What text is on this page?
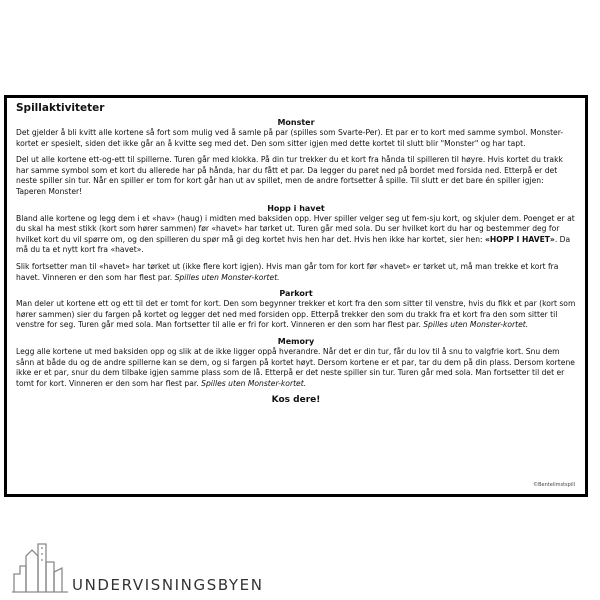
Spillaktiviteter
Monster

Det gjelder å bli kvitt alle kortene så fort som mulig ved å samle på par (spilles som Svarte-Per). Et par er to kort med samme symbol. Monster-kortet er spesielt, siden det ikke går an å kvitte seg med det. Den som sitter igjen med dette kortet til slutt blir "Monster" og har tapt.

Del ut alle kortene ett-og-ett til spillerne. Turen går med klokka. På din tur trekker du et kort fra hånda til spilleren til høyre. Hvis kortet du trakk har samme symbol som et kort du allerede har på hånda, har du fått et par. Da legger du paret ned på bordet med forsida ned. Etterpå er det neste spiller sin tur. Når en spiller er tom for kort går han ut av spillet, men de andre fortsetter å spille. Til slutt er det bare én spiller igjen: Taperen Monster!

Hopp i havet

Bland alle kortene og legg dem i et «hav» (haug) i midten med baksiden opp. Hver spiller velger seg ut fem-sju kort, og skjuler dem. Poenget er at du skal ha mest stikk (kort som hører sammen) før «havet» har tørket ut. Turen går med sola. Du ser hvilket kort du har og bestemmer deg for hvilket kort du vil spørre om, og den spilleren du spør må gi deg kortet hvis hen har det. Hvis hen ikke har kortet, sier hen: «HOPP I HAVET». Da må du ta et nytt kort fra «havet».

Slik fortsetter man til «havet» har tørket ut (ikke flere kort igjen). Hvis man går tom for kort før «havet» er tørket ut, må man trekke et kort fra havet. Vinneren er den som har flest par. Spilles uten Monster-kortet.

Parkort

Man deler ut kortene ett og ett til det er tomt for kort. Den som begynner trekker et kort fra den som sitter til venstre, hvis du fikk et par (kort som hører sammen) sier du fargen på kortet og legger det ned med forsiden opp. Etterpå trekker den som du trakk fra et kort fra den som sitter til venstre for seg. Turen går med sola. Man fortsetter til alle er fri for kort. Vinneren er den som har flest par. Spilles uten Monster-kortet.

Memory

Legg alle kortene ut med baksiden opp og slik at de ikke ligger oppå hverandre. Når det er din tur, får du lov til å snu to valgfrie kort. Snu dem sånn at både du og de andre spillerne kan se dem, og si fargen på kortet høyt. Dersom kortene er et par, tar du dem på din plass. Dersom kortene ikke er et par, snur du dem tilbake igjen samme plass som de lå. Etterpå er det neste spiller sin tur. Turen går med sola. Man fortsetter til det er tomt for kort. Vinneren er den som har flest par. Spilles uten Monster-kortet.

Kos dere!
©Bentelimstspill
UNDERVISNINGSBYEN
